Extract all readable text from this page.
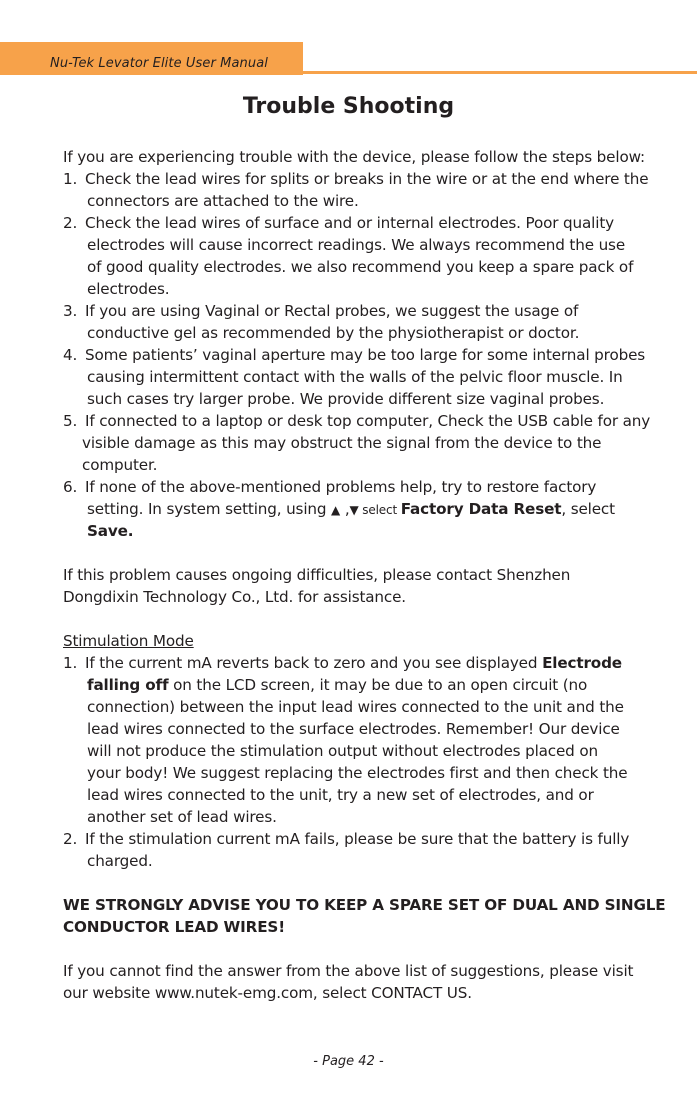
Nu-Tek Levator Elite User Manual
Trouble Shooting
If you are experiencing trouble with the device, please follow the steps below:
1. Check the lead wires for splits or breaks in the wire or at the end where the
connectors are attached to the wire.
2. Check the lead wires of surface and or internal electrodes. Poor quality
electrodes will cause incorrect readings. We always recommend the use
of good quality electrodes. we also recommend you keep a spare pack of
electrodes.
3. If you are using Vaginal or Rectal probes, we suggest the usage of
conductive gel as recommended by the physiotherapist or doctor.
4. Some patients’ vaginal aperture may be too large for some internal probes
causing intermittent contact with the walls of the pelvic floor muscle. In
such cases try larger probe. We provide different size vaginal probes.
5. If connected to a laptop or desk top computer, Check the USB cable for any
visible damage as this may obstruct the signal from the device to the
computer.
6. If none of the above-mentioned problems help, try to restore factory
setting. In system setting, using ▲ ,▼ select Factory Data Reset, select
Save.
If this problem causes ongoing difficulties, please contact Shenzhen
Dongdixin Technology Co., Ltd. for assistance.
Stimulation Mode
1. If the current mA reverts back to zero and you see displayed Electrode
falling off on the LCD screen, it may be due to an open circuit (no
connection) between the input lead wires connected to the unit and the
lead wires connected to the surface electrodes. Remember! Our device
will not produce the stimulation output without electrodes placed on
your body! We suggest replacing the electrodes first and then check the
lead wires connected to the unit, try a new set of electrodes, and or
another set of lead wires.
2. If the stimulation current mA fails, please be sure that the battery is fully
charged.
WE STRONGLY ADVISE YOU TO KEEP A SPARE SET OF DUAL AND SINGLE
CONDUCTOR LEAD WIRES!
If you cannot find the answer from the above list of suggestions, please visit
our website www.nutek-emg.com, select CONTACT US.
- Page 42 -
